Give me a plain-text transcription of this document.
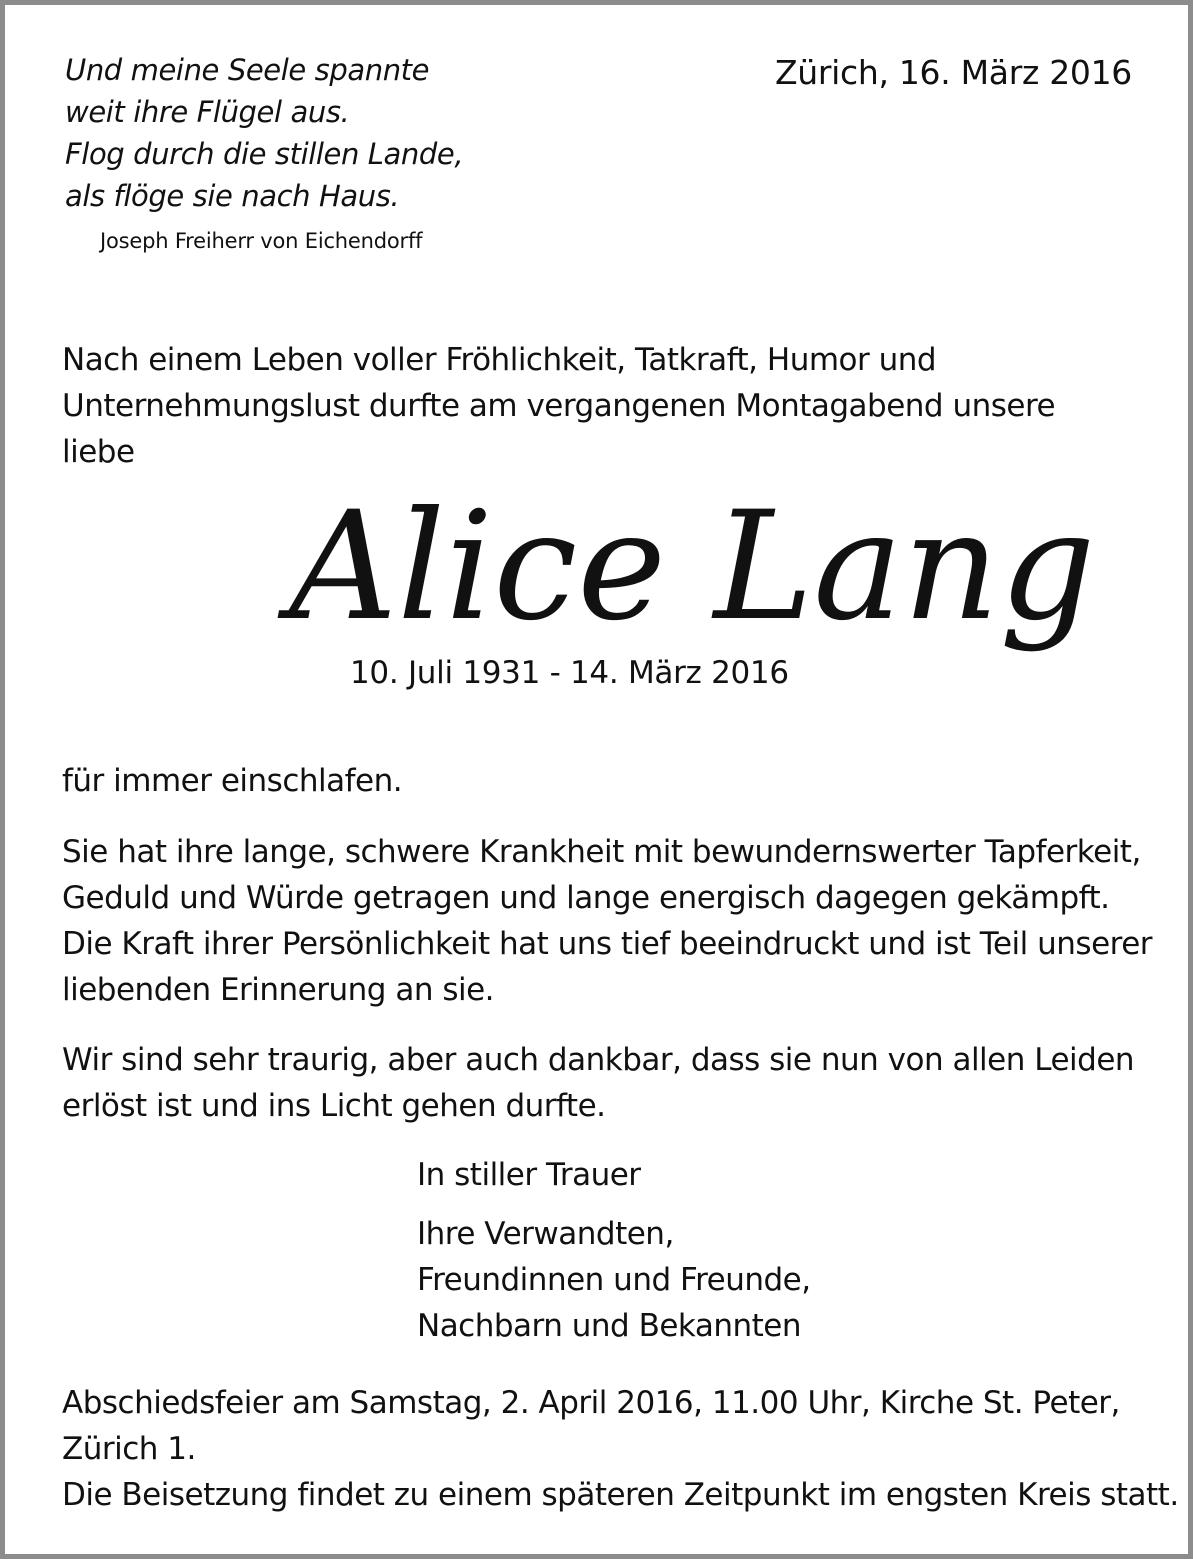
Und meine Seele spannte
weit ihre Flügel aus.
Flog durch die stillen Lande,
als flöge sie nach Haus.
Joseph Freiherr von Eichendorff
Zürich, 16. März 2016
Nach einem Leben voller Fröhlichkeit, Tatkraft, Humor und
Unternehmungslust durfte am vergangenen Montagabend unsere
liebe
Alice Lang
10. Juli 1931 - 14. März 2016
für immer einschlafen.
Sie hat ihre lange, schwere Krankheit mit bewundernswerter Tapferkeit,
Geduld und Würde getragen und lange energisch dagegen gekämpft.
Die Kraft ihrer Persönlichkeit hat uns tief beeindruckt und ist Teil unserer
liebenden Erinnerung an sie.
Wir sind sehr traurig, aber auch dankbar, dass sie nun von allen Leiden
erlöst ist und ins Licht gehen durfte.
In stiller Trauer
Ihre Verwandten,
Freundinnen und Freunde,
Nachbarn und Bekannten
Abschiedsfeier am Samstag, 2. April 2016, 11.00 Uhr, Kirche St. Peter,
Zürich 1.
Die Beisetzung findet zu einem späteren Zeitpunkt im engsten Kreis statt.
